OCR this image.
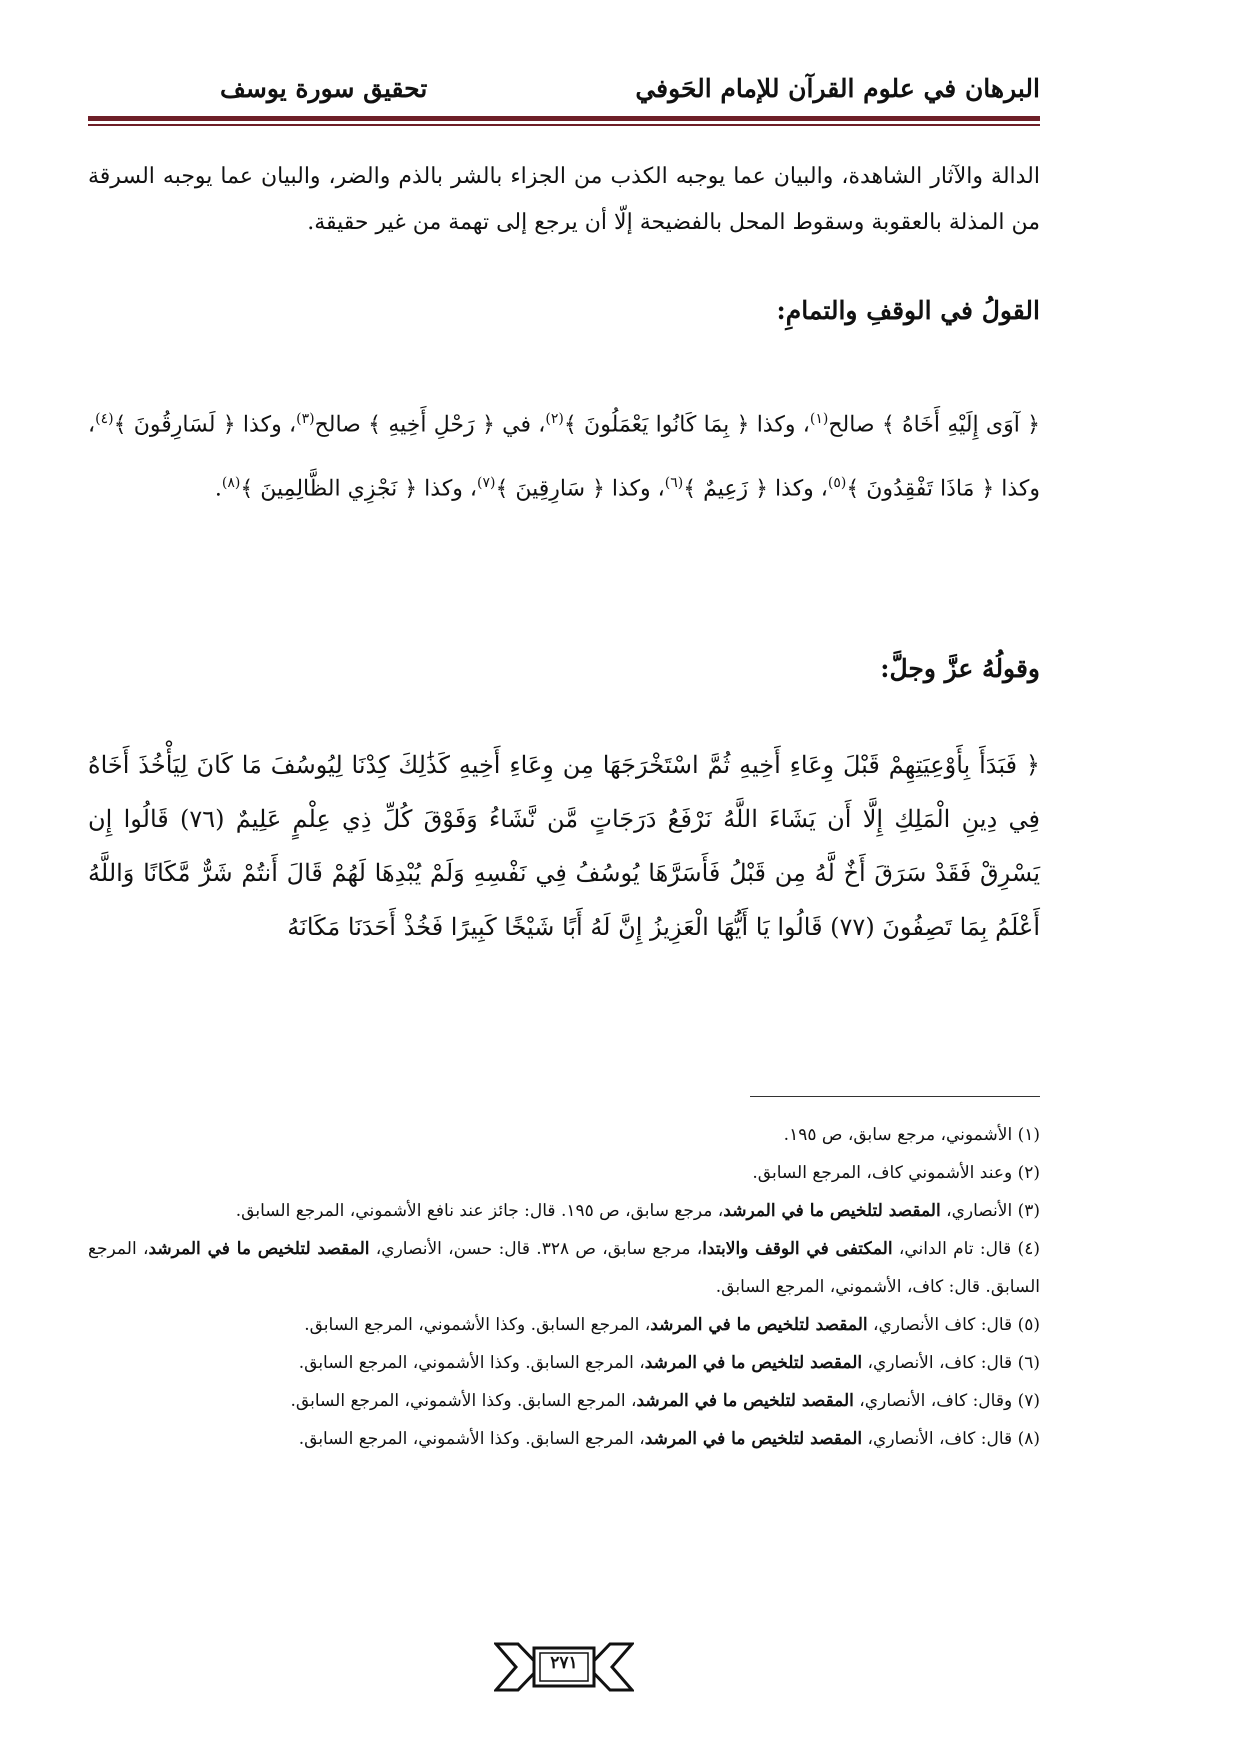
البرهان في علوم القرآن للإمام الحَوفي
تحقيق سورة يوسف
الدالة والآثار الشاهدة، والبيان عما يوجبه الكذب من الجزاء بالشر بالذم والضر، والبيان عما يوجبه السرقة من المذلة بالعقوبة وسقوط المحل بالفضيحة إلّا أن يرجع إلى تهمة من غير حقيقة.
القولُ في الوقفِ والتمامِ:
﴿ آوَى إِلَيْهِ أَخَاهُ ﴾ صالح$^{(١)}$، وكذا ﴿ بِمَا كَانُوا يَعْمَلُونَ ﴾$^{(٢)}$، في ﴿ رَحْلِ أَخِيهِ ﴾ صالح$^{(٣)}$، وكذا ﴿ لَسَارِقُونَ ﴾$^{(٤)}$، وكذا ﴿ مَاذَا تَفْقِدُونَ ﴾$^{(٥)}$، وكذا ﴿ زَعِيمٌ ﴾$^{(٦)}$، وكذا ﴿ سَارِقِينَ ﴾$^{(٧)}$، وكذا ﴿ نَجْزِي الظَّالِمِينَ ﴾$^{(٨)}$.
وقولُهُ عزَّ وجلَّ:
﴿ فَبَدَأَ بِأَوْعِيَتِهِمْ قَبْلَ وِعَاءِ أَخِيهِ ثُمَّ اسْتَخْرَجَهَا مِن وِعَاءِ أَخِيهِ كَذَٰلِكَ كِدْنَا لِيُوسُفَ مَا كَانَ لِيَأْخُذَ أَخَاهُ فِي دِينِ الْمَلِكِ إِلَّا أَن يَشَاءَ اللَّهُ نَرْفَعُ دَرَجَاتٍ مَّن نَّشَاءُ وَفَوْقَ كُلِّ ذِي عِلْمٍ عَلِيمٌ (٧٦) قَالُوا إِن يَسْرِقْ فَقَدْ سَرَقَ أَخٌ لَّهُ مِن قَبْلُ فَأَسَرَّهَا يُوسُفُ فِي نَفْسِهِ وَلَمْ يُبْدِهَا لَهُمْ قَالَ أَنتُمْ شَرٌّ مَّكَانًا وَاللَّهُ أَعْلَمُ بِمَا تَصِفُونَ (٧٧) قَالُوا يَا أَيُّهَا الْعَزِيزُ إِنَّ لَهُ أَبًا شَيْخًا كَبِيرًا فَخُذْ أَحَدَنَا مَكَانَهُ
(١) الأشموني، مرجع سابق، ص ١٩٥.
(٢) وعند الأشموني كاف، المرجع السابق.
(٣) الأنصاري، المقصد لتلخيص ما في المرشد، مرجع سابق، ص ١٩٥. قال: جائز عند نافع الأشموني، المرجع السابق.
(٤) قال: تام الداني، المكتفى في الوقف والابتدا، مرجع سابق، ص ٣٢٨. قال: حسن، الأنصاري، المقصد لتلخيص ما في المرشد، المرجع السابق. قال: كاف، الأشموني، المرجع السابق.
(٥) قال: كاف الأنصاري، المقصد لتلخيص ما في المرشد، المرجع السابق. وكذا الأشموني، المرجع السابق.
(٦) قال: كاف، الأنصاري، المقصد لتلخيص ما في المرشد، المرجع السابق. وكذا الأشموني، المرجع السابق.
(٧) وقال: كاف، الأنصاري، المقصد لتلخيص ما في المرشد، المرجع السابق. وكذا الأشموني، المرجع السابق.
(٨) قال: كاف، الأنصاري، المقصد لتلخيص ما في المرشد، المرجع السابق. وكذا الأشموني، المرجع السابق.
٢٧١
